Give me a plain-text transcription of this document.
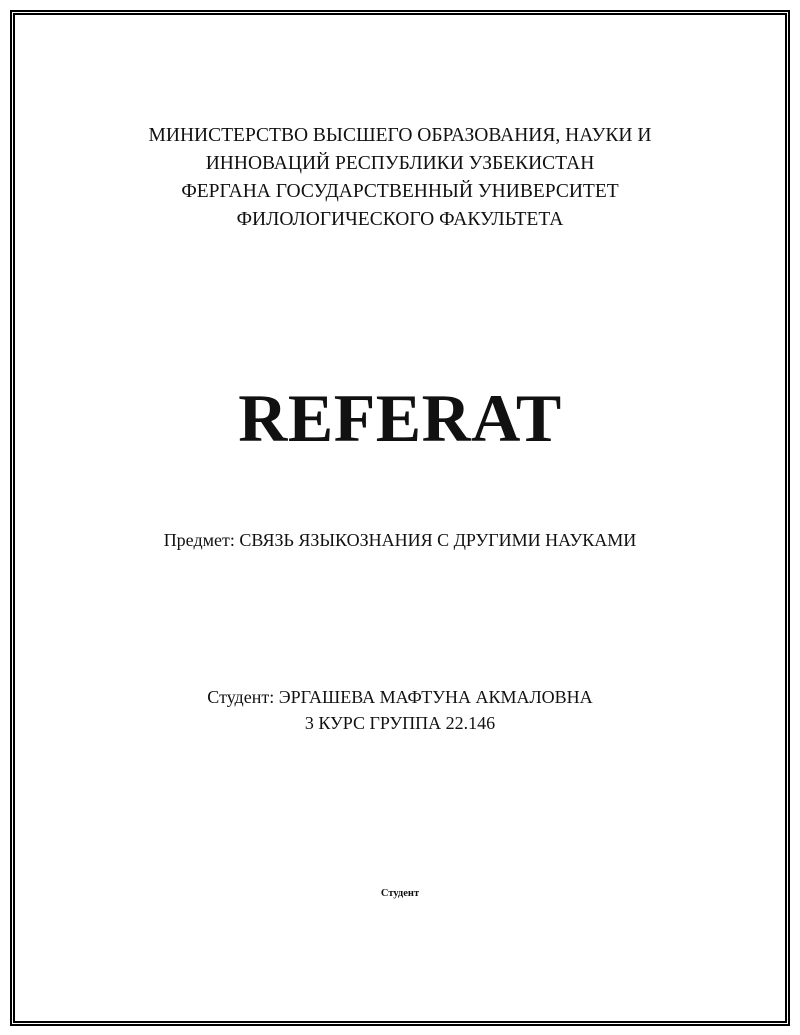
МИНИСТЕРСТВО ВЫСШЕГО ОБРАЗОВАНИЯ, НАУКИ И
ИННОВАЦИЙ РЕСПУБЛИКИ УЗБЕКИСТАН
ФЕРГАНА ГОСУДАРСТВЕННЫЙ УНИВЕРСИТЕТ
ФИЛОЛОГИЧЕСКОГО ФАКУЛЬТЕТА
REFERAT
Предмет: СВЯЗЬ ЯЗЫКОЗНАНИЯ С ДРУГИМИ НАУКАМИ
Студент: ЭРГАШЕВА МАФТУНА АКМАЛОВНА
3 КУРС ГРУППА 22.146
Студент
